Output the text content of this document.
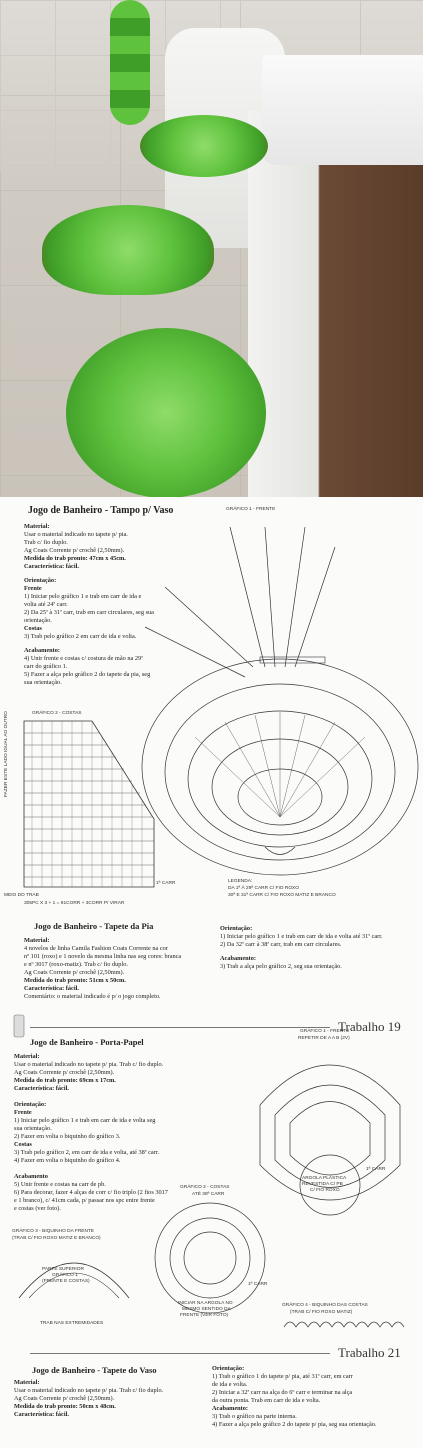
Jogo de Banheiro - Tampo p/ Vaso
Material:
Usar o material indicado no tapete p/ pia.
Trab c/ fio duplo.
Ag Coats Corrente p/ crochê (2,50mm).
Medida do trab pronto: 47cm x 45cm.
Característica: fácil.
Orientação:
Frente
1) Iniciar pelo gráfico 1 e trab em carr de ida e volta até 24ª carr.
2) Da 25ª à 31ª carr, trab em carr circulares, seg sua orientação.
Costas
3) Trab pelo gráfico 2 em carr de ida e volta.
Acabamento:
4) Unir frente e costas c/ costura de mão na 29ª carr do gráfico 1.
5) Fazer a alça pelo gráfico 2 do tapete da pia, seg sua orientação.
GRÁFICO 2 - COSTAS
FAZER ESTE LADO IGUAL AO OUTRO
MEIO DO TRAB
305PC X 3 + 1 = 91CORR + 3CORR P/ VIRAR
1ª CARR
GRÁFICO 1 - FRENTE
LEGENDA:
DA 1ª À 29ª CARR C/ FIO ROXO
30ª E 31ª CARR C/ FIO ROXO MATIZ E BRANCO
Jogo de Banheiro - Tapete da Pia
Material:
4 novelos de linha Camila Fashion Coats Corrente na cor
nº 101 (roxo) e 1 novelo da mesma linha nas seg cores: branca
e nº 3017 (roxo-matiz). Trab c/ fio duplo.
Ag Coats Corrente p/ crochê (2,50mm).
Medida do trab pronto: 51cm x 50cm.
Característica: fácil.
Comentário: o material indicado é p/ o jogo completo.
Orientação:
1) Iniciar pelo gráfico 1 e trab em carr de ida e volta até 31ª carr.
2) Da 32ª carr à 38ª carr, trab em carr circulares.
Acabamento:
3) Trab a alça pelo gráfico 2, seg sua orientação.
Trabalho 19
Jogo de Banheiro - Porta-Papel
Material:
Usar o material indicado no tapete p/ pia. Trab c/ fio duplo.
Ag Coats Corrente p/ crochê (2,50mm).
Medida do trab pronto: 69cm x 17cm.
Característica: fácil.
Orientação:
Frente
1) Iniciar pelo gráfico 1 e trab em carr de ida e volta seg
sua orientação.
2) Fazer em volta o biquinho do gráfico 3.
Costas
3) Trab pelo gráfico 2, em carr de ida e volta, até 38ª carr.
4) Fazer em volta o biquinho do gráfico 4.
Acabamento
5) Unir frente e costas na carr de pb.
6) Para decorar, fazer 4 alças de corr c/ fio triplo (2 fios 3017
e 1 branco), c/ 41cm cada, p/ passar nos spc entre frente
e costas (ver foto).
GRÁFICO 1 - FRENTE
REPETIR DE A A B (2V)
ARGOLA PLÁSTICA
REVESTIDA C/ PB
C/ FIO ROXO
1ª CARR
GRÁFICO 2 - COSTAS
ATÉ 38ª CARR
INICIAR NA ARGOLA NO
MESMO SENTIDO DA
FRENTE (VER FOTO)
1ª CARR
GRÁFICO 3 - BIQUINHO DA FRENTE
(TRAB C/ FIO ROXO MATIZ E BRANCO)
PARTE SUPERIOR
GRÁFICO 1
(FRENTE E COSTAS)
TRAB NAS EXTREMIDADES
GRÁFICO 4 - BIQUINHO DAS COSTAS
(TRAB C/ FIO ROXO MATIZ)
Trabalho 21
Jogo de Banheiro - Tapete do Vaso
Material:
Usar o material indicado no tapete p/ pia. Trab c/ fio duplo.
Ag Coats Corrente p/ crochê (2,50mm).
Medida do trab pronto: 50cm x 48cm.
Característica: fácil.
Orientação:
1) Trab o gráfico 1 do tapete p/ pia, até 31ª carr, em carr
de ida e volta.
2) Iniciar a 32ª carr na alça do 6º carr e terminar na alça
da outra ponta. Trab em carr de ida e volta.
Acabamento:
3) Trab o gráfico na parte interna.
4) Fazer a alça pelo gráfico 2 do tapete p/ pia, seg sua orientação.
